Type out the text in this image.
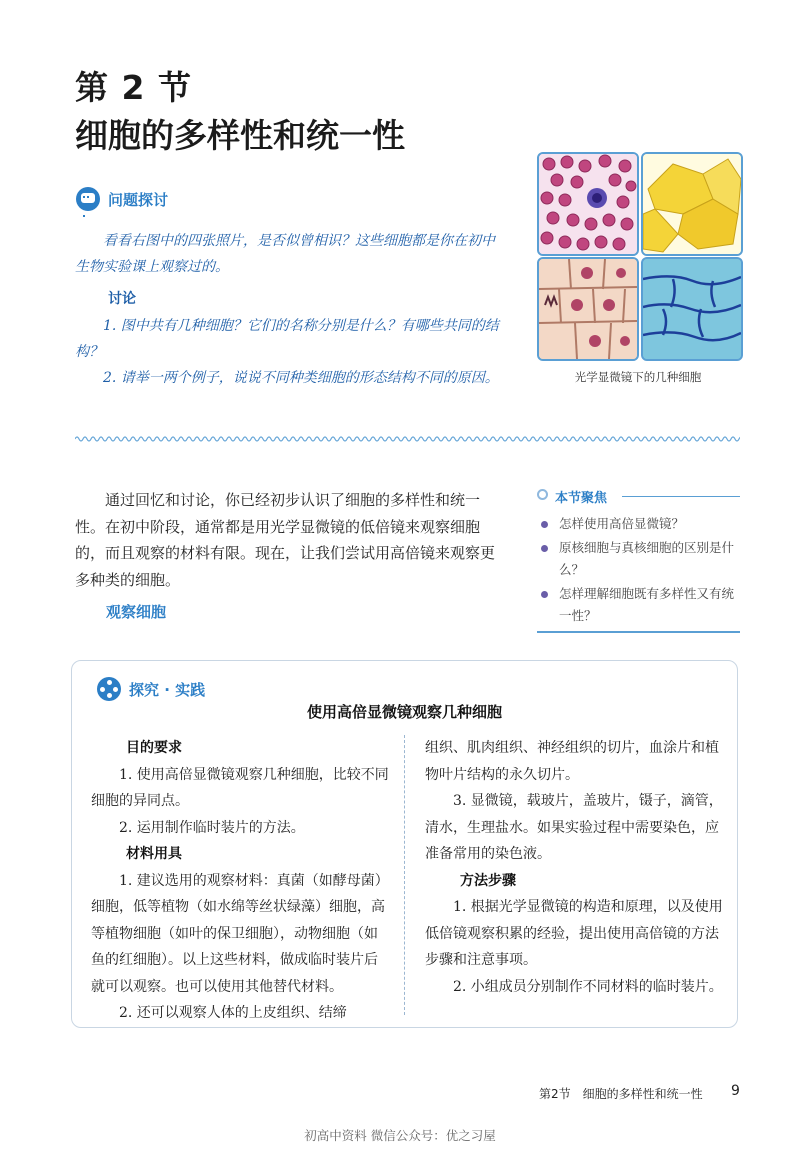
第 2 节
细胞的多样性和统一性
问题探讨
看看右图中的四张照片，是否似曾相识？这些细胞都是你在初中生物实验课上观察过的。
讨论
1. 图中共有几种细胞？它们的名称分别是什么？有哪些共同的结构？
2. 请举一两个例子，说说不同种类细胞的形态结构不同的原因。	光学显微镜下的几种细胞
通过回忆和讨论，你已经初步认识了细胞的多样性和统一性。在初中阶段，通常都是用光学显微镜的低倍镜来观察细胞的，而且观察的材料有限。现在，让我们尝试用高倍镜来观察更多种类的细胞。
观察细胞
本节聚焦
怎样使用高倍显微镜？
原核细胞与真核细胞的区别是什么？
怎样理解细胞既有多样性又有统一性？
探究 · 实践
使用高倍显微镜观察几种细胞
目的要求
1. 使用高倍显微镜观察几种细胞，比较不同细胞的异同点。
2. 运用制作临时装片的方法。
材料用具
1. 建议选用的观察材料：真菌（如酵母菌）细胞，低等植物（如水绵等丝状绿藻）细胞，高等植物细胞（如叶的保卫细胞），动物细胞（如鱼的红细胞）。以上这些材料，做成临时装片后就可以观察。也可以使用其他替代材料。
2. 还可以观察人体的上皮组织、结缔
组织、肌肉组织、神经组织的切片，血涂片和植物叶片结构的永久切片。
3. 显微镜，载玻片，盖玻片，镊子，滴管，清水，生理盐水。如果实验过程中需要染色，应准备常用的染色液。
方法步骤
1. 根据光学显微镜的构造和原理，以及使用低倍镜观察积累的经验，提出使用高倍镜的方法步骤和注意事项。
2. 小组成员分别制作不同材料的临时装片。
第2节　细胞的多样性和统一性 9
初高中资料 微信公众号：优之习屋
